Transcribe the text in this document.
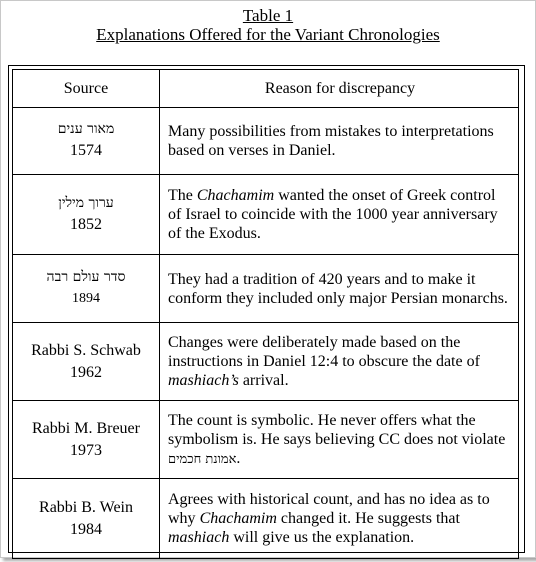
Table 1
Explanations Offered for the Variant Chronologies
Source	Reason for discrepancy

מאור ענים
1574	Many possibilities from mistakes to interpretations based on verses in Daniel.

ערוך מילין
1852	The Chachamim wanted the onset of Greek control of Israel to coincide with the 1000 year anniversary of the Exodus.

סדר עולם רבה
1894	They had a tradition of 420 years and to make it conform they included only major Persian monarchs.

Rabbi S. Schwab
1962	Changes were deliberately made based on the instructions in Daniel 12:4 to obscure the date of mashiach’s arrival.

Rabbi M. Breuer
1973	The count is symbolic. He never offers what the symbolism is. He says believing CC does not violate אמונת חכמים.

Rabbi B. Wein
1984	Agrees with historical count, and has no idea as to why Chachamim changed it. He suggests that mashiach will give us the explanation.
